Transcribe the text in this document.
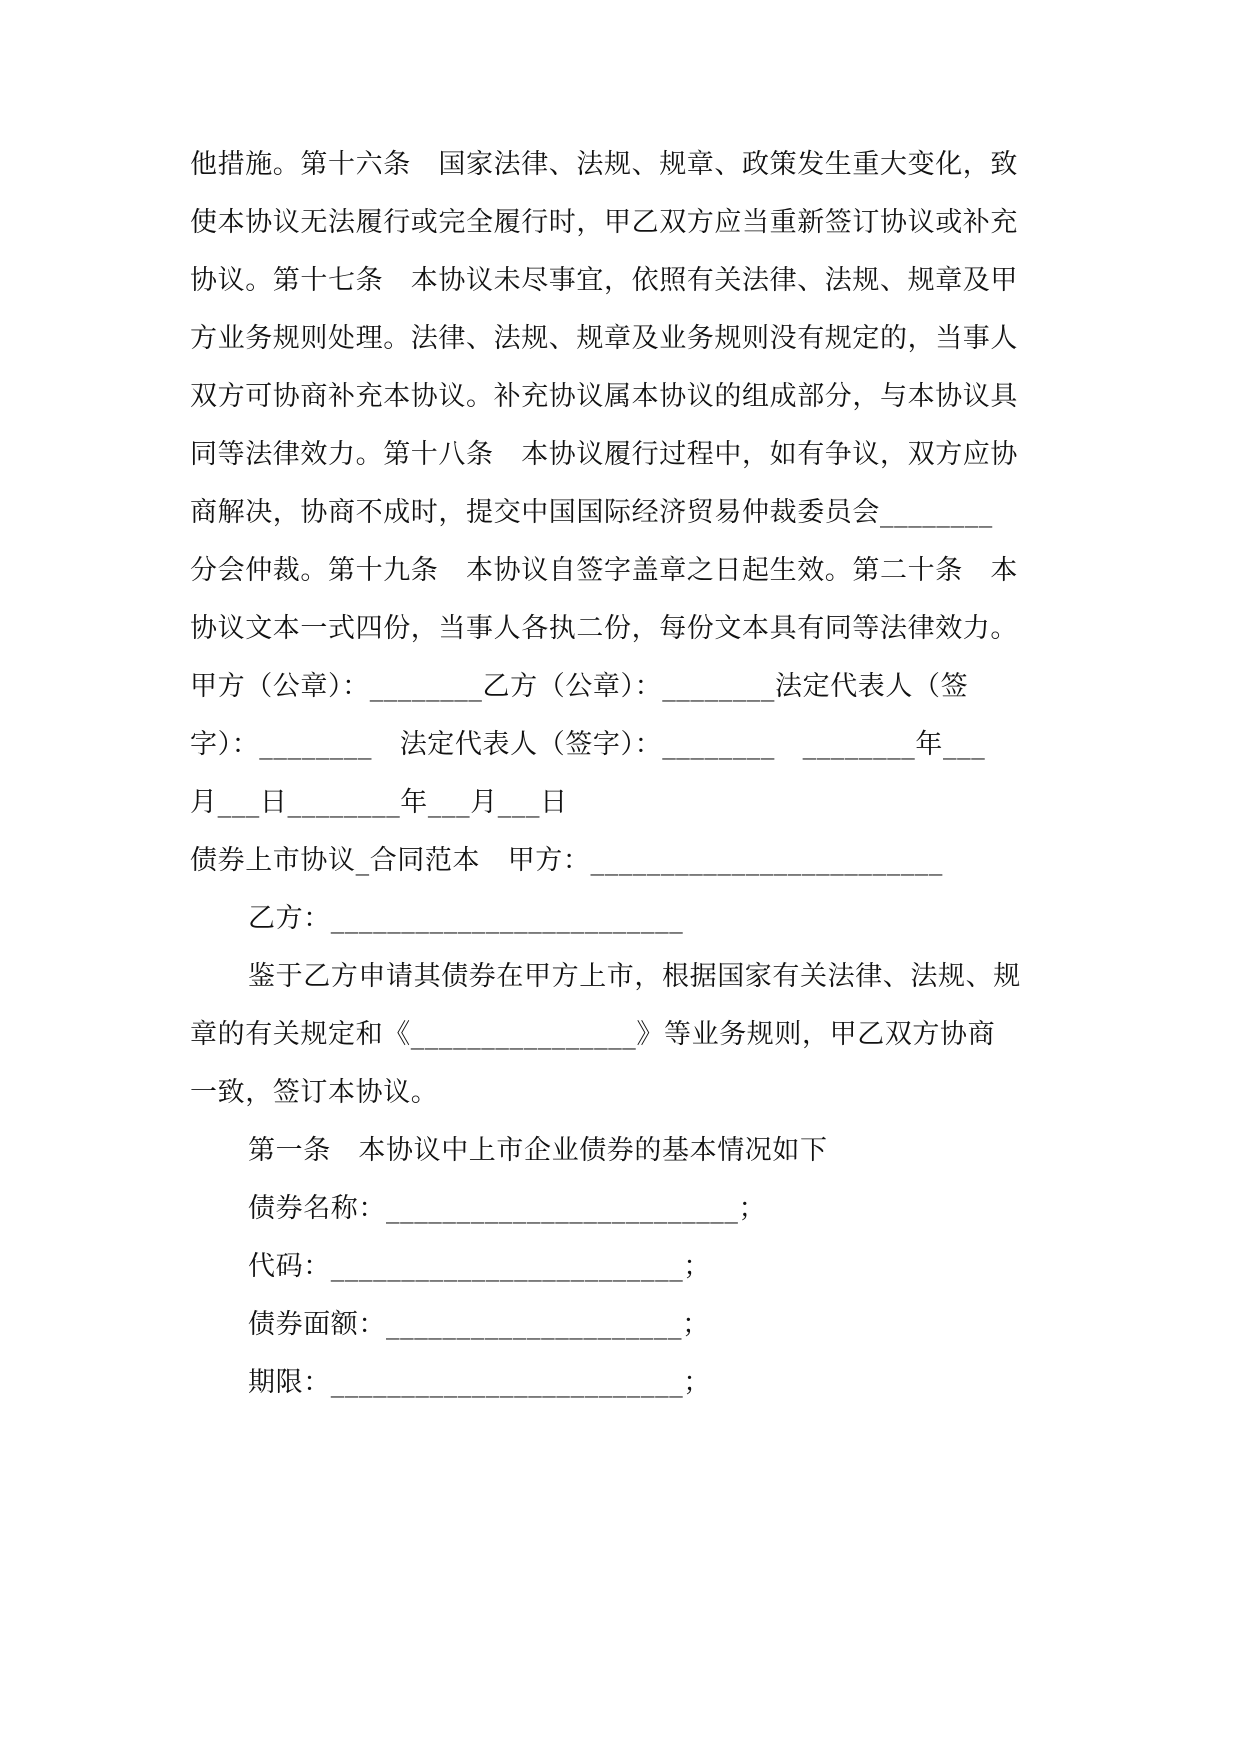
他措施。第十六条　国家法律、法规、规章、政策发生重大变化，致
使本协议无法履行或完全履行时，甲乙双方应当重新签订协议或补充
协议。第十七条　本协议未尽事宜，依照有关法律、法规、规章及甲
方业务规则处理。法律、法规、规章及业务规则没有规定的，当事人
双方可协商补充本协议。补充协议属本协议的组成部分，与本协议具
同等法律效力。第十八条　本协议履行过程中，如有争议，双方应协
商解决，协商不成时，提交中国国际经济贸易仲裁委员会________
分会仲裁。第十九条　本协议自签字盖章之日起生效。第二十条　本
协议文本一式四份，当事人各执二份，每份文本具有同等法律效力。
甲方（公章）：________乙方（公章）：________法定代表人（签
字）：________　法定代表人（签字）：________　________年___
月___日________年___月___日
债券上市协议_合同范本　甲方：_________________________
乙方：_________________________
鉴于乙方申请其债券在甲方上市，根据国家有关法律、法规、规
章的有关规定和《________________》等业务规则，甲乙双方协商
一致，签订本协议。
第一条　本协议中上市企业债券的基本情况如下
债券名称：_________________________；
代码：_________________________；
债券面额：_____________________；
期限：_________________________；
